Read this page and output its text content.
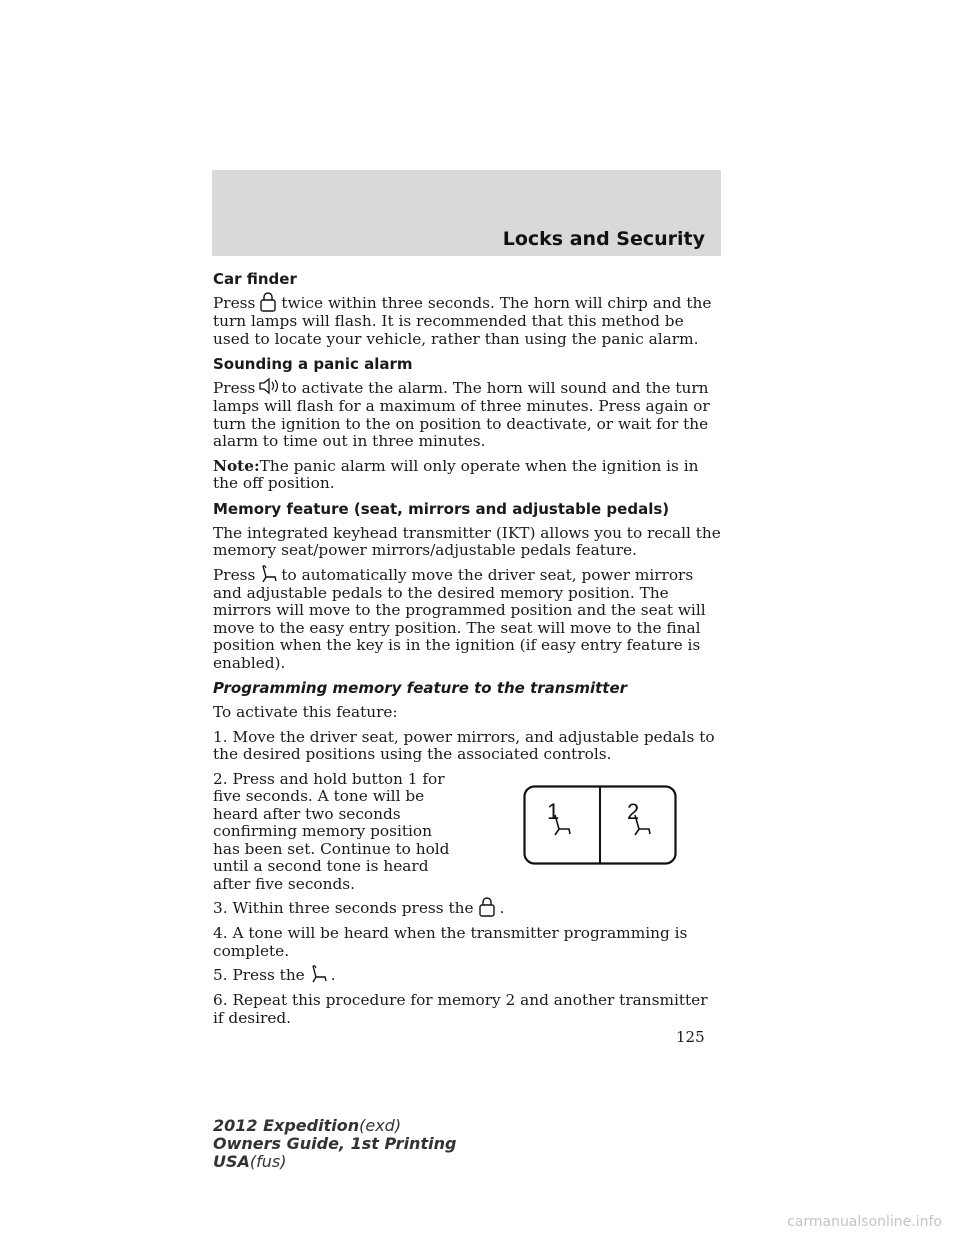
Locks and Security
Car finder

Press twice within three seconds. The horn will chirp and the turn lamps will flash. It is recommended that this method be used to locate your vehicle, rather than using the panic alarm.

Sounding a panic alarm

Press to activate the alarm. The horn will sound and the turn lamps will flash for a maximum of three minutes. Press again or turn the ignition to the on position to deactivate, or wait for the alarm to time out in three minutes.

Note:The panic alarm will only operate when the ignition is in the off position.

Memory feature (seat, mirrors and adjustable pedals)

The integrated keyhead transmitter (IKT) allows you to recall the memory seat/power mirrors/adjustable pedals feature.

Press to automatically move the driver seat, power mirrors and adjustable pedals to the desired memory position. The mirrors will move to the programmed position and the seat will move to the easy entry position. The seat will move to the final position when the key is in the ignition (if easy entry feature is enabled).

Programming memory feature to the transmitter

To activate this feature:

1. Move the driver seat, power mirrors, and adjustable pedals to the desired positions using the associated controls.

2. Press and hold button 1 for five seconds. A tone will be heard after two seconds confirming memory position has been set. Continue to hold until a second tone is heard after five seconds.

1	2

3. Within three seconds press the .

4. A tone will be heard when the transmitter programming is complete.

5. Press the .

6. Repeat this procedure for memory 2 and another transmitter if desired.

125
2012 Expedition(exd)
Owners Guide, 1st Printing
USA(fus)
carmanualsonline.info
